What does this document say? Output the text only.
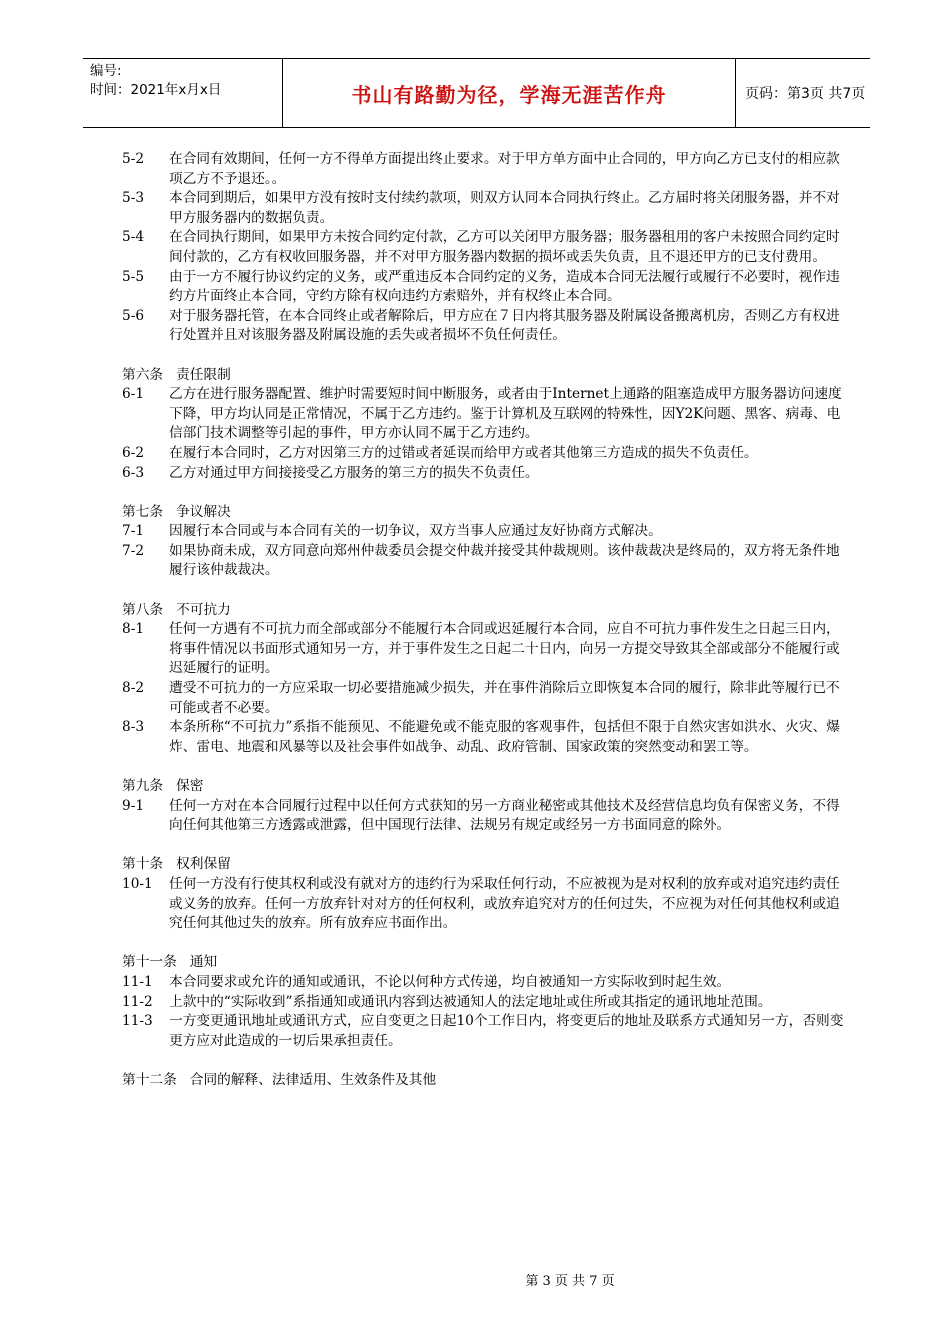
编号:
时间：2021年x月x日	书山有路勤为径，学海无涯苦作舟	页码：第3页 共7页
5-2	在合同有效期间，任何一方不得单方面提出终止要求。对于甲方单方面中止合同的，甲方向乙方已支付的相应款项乙方不予退还。。
5-3	本合同到期后，如果甲方没有按时支付续约款项，则双方认同本合同执行终止。乙方届时将关闭服务器，并不对甲方服务器内的数据负责。
5-4	在合同执行期间，如果甲方未按合同约定付款，乙方可以关闭甲方服务器；服务器租用的客户未按照合同约定时间付款的，乙方有权收回服务器，并不对甲方服务器内数据的损坏或丢失负责，且不退还甲方的已支付费用。
5-5	由于一方不履行协议约定的义务，或严重违反本合同约定的义务，造成本合同无法履行或履行不必要时，视作违约方片面终止本合同，守约方除有权向违约方索赔外，并有权终止本合同。
5-6	对于服务器托管，在本合同终止或者解除后，甲方应在７日内将其服务器及附属设备搬离机房，否则乙方有权进行处置并且对该服务器及附属设施的丢失或者损坏不负任何责任。
第六条   责任限制
6-1	乙方在进行服务器配置、维护时需要短时间中断服务，或者由于Internet上通路的阻塞造成甲方服务器访问速度下降，甲方均认同是正常情况，不属于乙方违约。鉴于计算机及互联网的特殊性，因Y2K问题、黑客、病毒、电信部门技术调整等引起的事件，甲方亦认同不属于乙方违约。
6-2	在履行本合同时，乙方对因第三方的过错或者延误而给甲方或者其他第三方造成的损失不负责任。
6-3	乙方对通过甲方间接接受乙方服务的第三方的损失不负责任。
第七条   争议解决
7-1	因履行本合同或与本合同有关的一切争议，双方当事人应通过友好协商方式解决。
7-2	如果协商未成，双方同意向郑州仲裁委员会提交仲裁并接受其仲裁规则。该仲裁裁决是终局的，双方将无条件地履行该仲裁裁决。
第八条   不可抗力
8-1	任何一方遇有不可抗力而全部或部分不能履行本合同或迟延履行本合同，应自不可抗力事件发生之日起三日内，将事件情况以书面形式通知另一方，并于事件发生之日起二十日内，向另一方提交导致其全部或部分不能履行或迟延履行的证明。
8-2	遭受不可抗力的一方应采取一切必要措施减少损失，并在事件消除后立即恢复本合同的履行，除非此等履行已不可能或者不必要。
8-3	本条所称“不可抗力”系指不能预见、不能避免或不能克服的客观事件，包括但不限于自然灾害如洪水、火灾、爆炸、雷电、地震和风暴等以及社会事件如战争、动乱、政府管制、国家政策的突然变动和罢工等。
第九条   保密
9-1	任何一方对在本合同履行过程中以任何方式获知的另一方商业秘密或其他技术及经营信息均负有保密义务，不得向任何其他第三方透露或泄露，但中国现行法律、法规另有规定或经另一方书面同意的除外。
第十条   权利保留
10-1	任何一方没有行使其权利或没有就对方的违约行为采取任何行动，不应被视为是对权利的放弃或对追究违约责任或义务的放弃。任何一方放弃针对对方的任何权利，或放弃追究对方的任何过失，不应视为对任何其他权利或追究任何其他过失的放弃。所有放弃应书面作出。
第十一条   通知
11-1	本合同要求或允许的通知或通讯，不论以何种方式传递，均自被通知一方实际收到时起生效。
11-2	上款中的“实际收到”系指通知或通讯内容到达被通知人的法定地址或住所或其指定的通讯地址范围。
11-3	一方变更通讯地址或通讯方式，应自变更之日起10个工作日内，将变更后的地址及联系方式通知另一方，否则变更方应对此造成的一切后果承担责任。
第十二条   合同的解释、法律适用、生效条件及其他
第 3 页 共 7 页
